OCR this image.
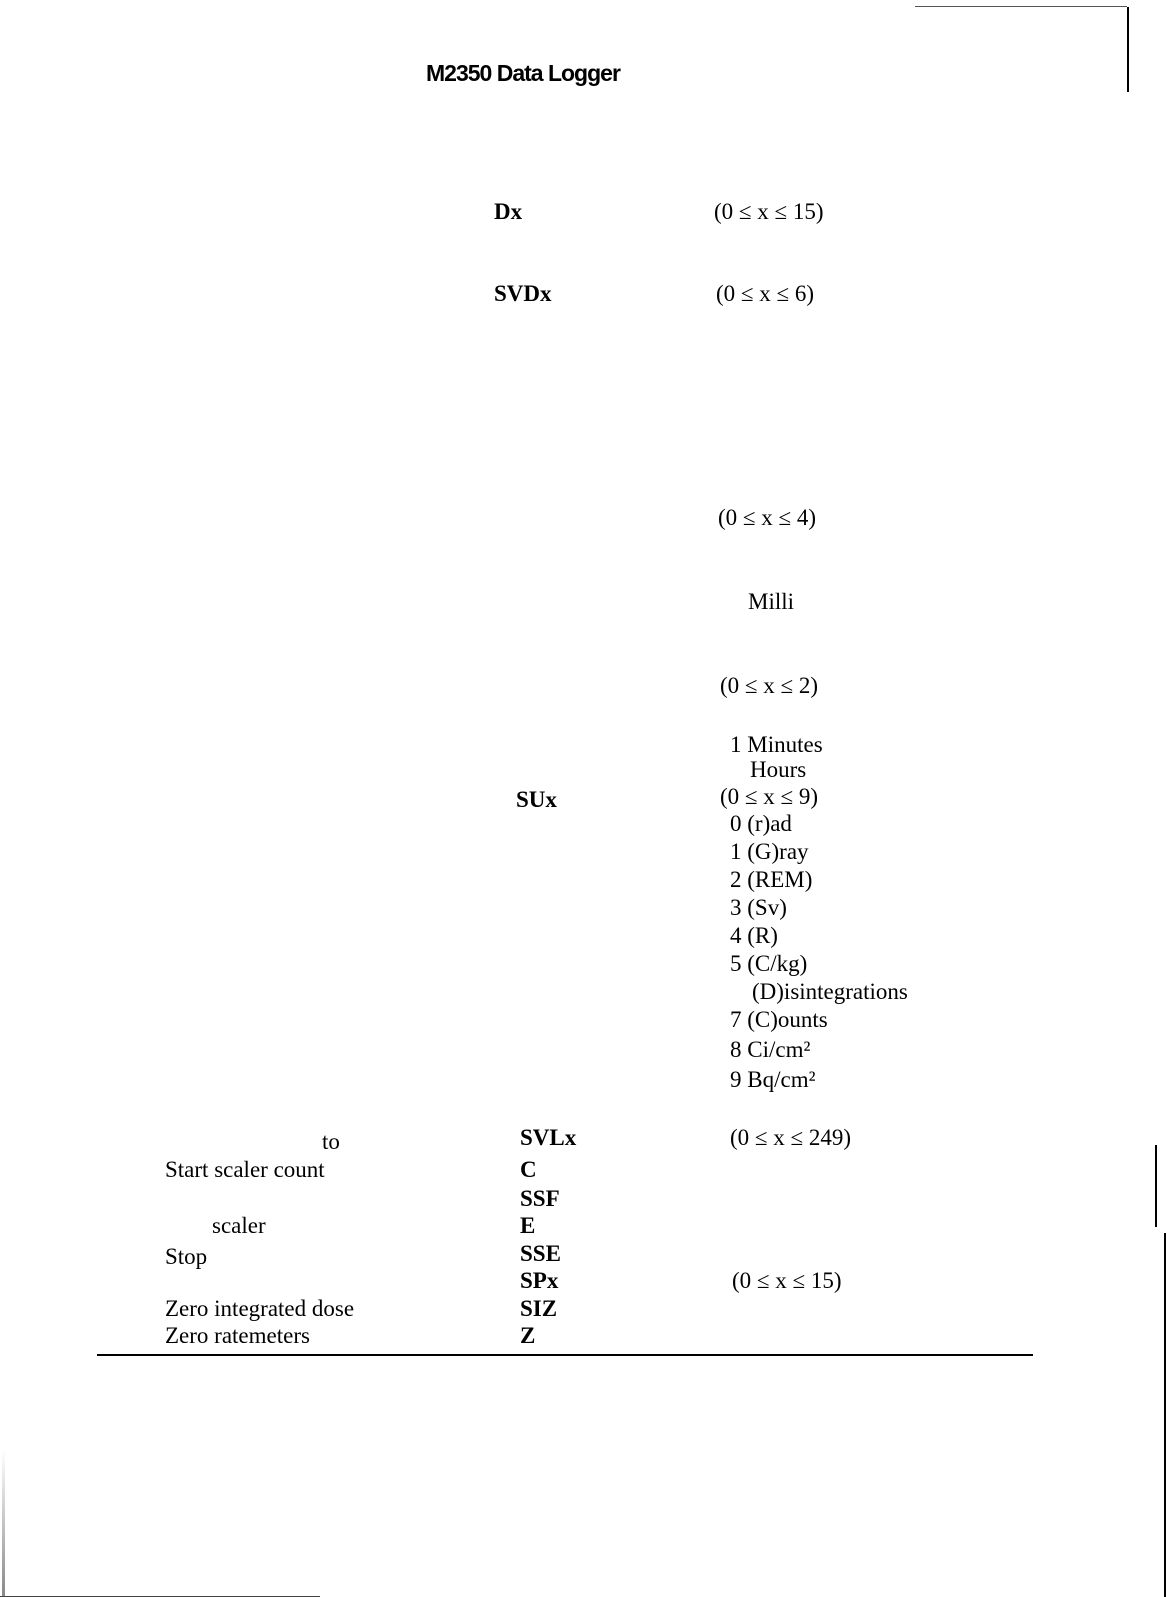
M2350 Data Logger
Dx
SVDx
SUx
SVLx
C
SSF
E
SSE
SPx
SIZ
Z
(0 ≤ x ≤ 15)
(0 ≤ x ≤ 6)
(0 ≤ x ≤ 4)
Milli
(0 ≤ x ≤ 2)
1 Minutes
Hours
(0 ≤ x ≤ 9)
0 (r)ad
1 (G)ray
2 (REM)
3 (Sv)
4 (R)
5 (C/kg)
(D)isintegrations
7 (C)ounts
8 Ci/cm²
9 Bq/cm²
(0 ≤ x ≤ 249)
(0 ≤ x ≤ 15)
to
Start scaler count
scaler
Stop
Zero integrated dose
Zero ratemeters
